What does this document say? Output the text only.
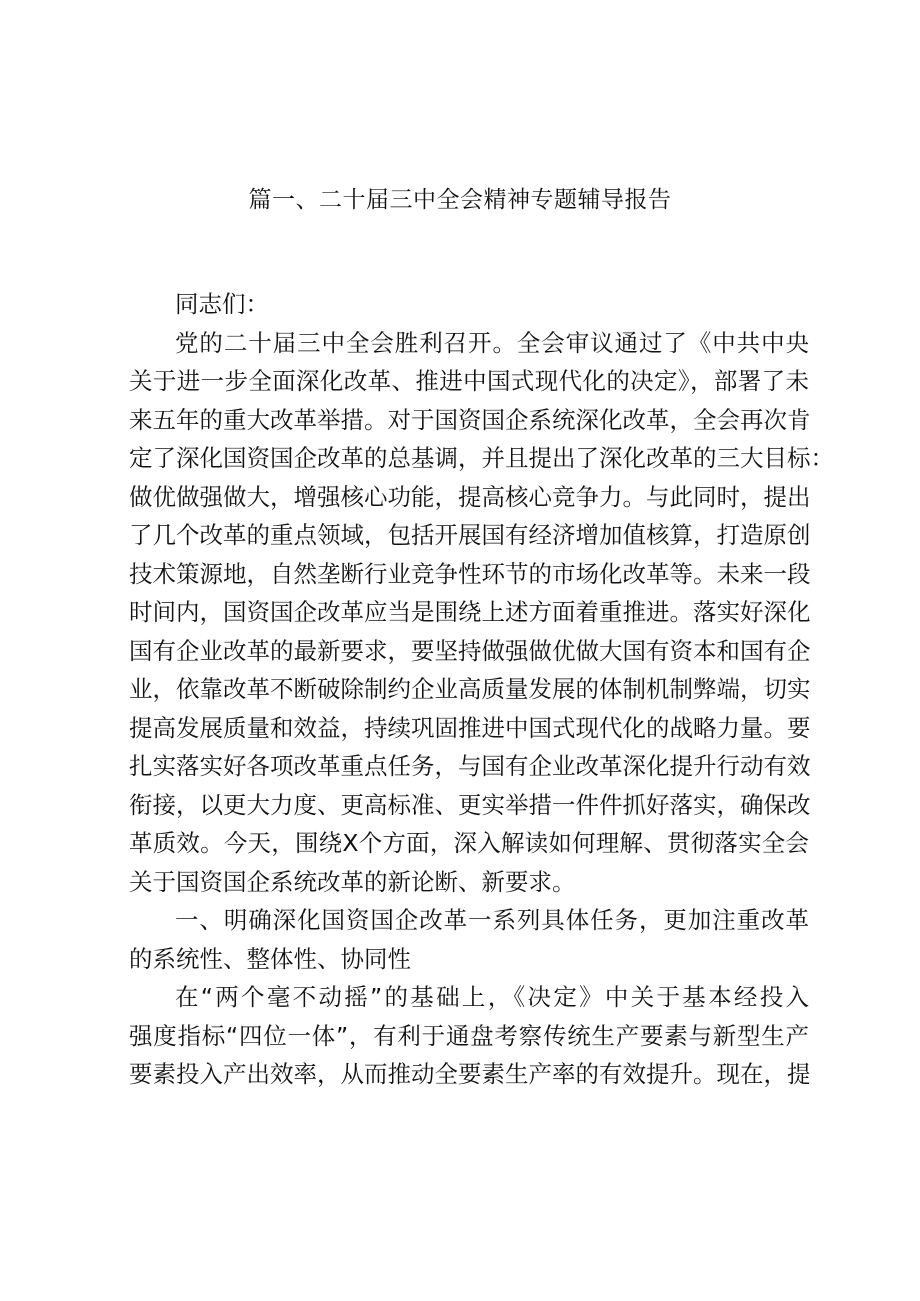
篇一、二十届三中全会精神专题辅导报告
同志们：
党的二十届三中全会胜利召开。全会审议通过了《中共中央
关于进一步全面深化改革、推进中国式现代化的决定》，部署了未
来五年的重大改革举措。对于国资国企系统深化改革，全会再次肯
定了深化国资国企改革的总基调，并且提出了深化改革的三大目标：
做优做强做大，增强核心功能，提高核心竞争力。与此同时，提出
了几个改革的重点领域，包括开展国有经济增加值核算，打造原创
技术策源地，自然垄断行业竞争性环节的市场化改革等。未来一段
时间内，国资国企改革应当是围绕上述方面着重推进。落实好深化
国有企业改革的最新要求，要坚持做强做优做大国有资本和国有企
业，依靠改革不断破除制约企业高质量发展的体制机制弊端，切实
提高发展质量和效益，持续巩固推进中国式现代化的战略力量。要
扎实落实好各项改革重点任务，与国有企业改革深化提升行动有效
衔接，以更大力度、更高标准、更实举措一件件抓好落实，确保改
革质效。今天，围绕X个方面，深入解读如何理解、贯彻落实全会
关于国资国企系统改革的新论断、新要求。
一、明确深化国资国企改革一系列具体任务，更加注重改革
的系统性、整体性、协同性
在“两个毫不动摇”的基础上，《决定》中关于基本经投入
强度指标“四位一体”，有利于通盘考察传统生产要素与新型生产
要素投入产出效率，从而推动全要素生产率的有效提升。现在，提
